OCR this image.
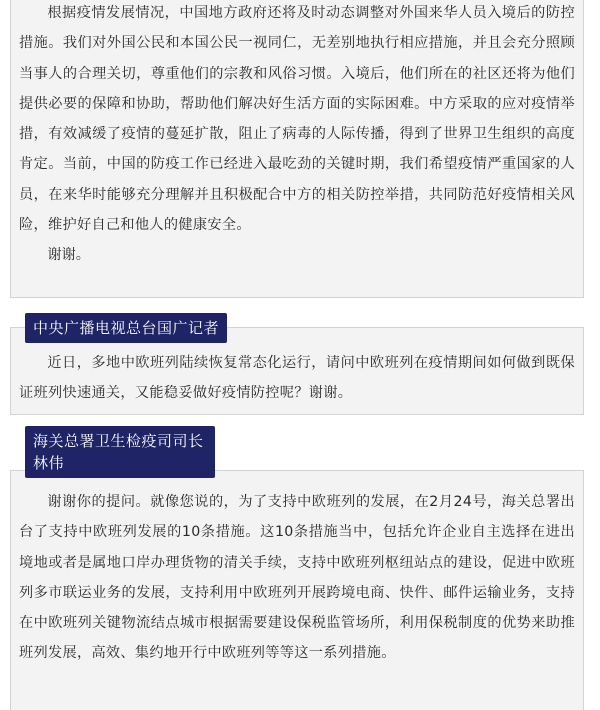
根据疫情发展情况，中国地方政府还将及时动态调整对外国来华人员入境后的防控措施。我们对外国公民和本国公民一视同仁，无差别地执行相应措施，并且会充分照顾当事人的合理关切，尊重他们的宗教和风俗习惯。入境后，他们所在的社区还将为他们提供必要的保障和协助，帮助他们解决好生活方面的实际困难。中方采取的应对疫情举措，有效减缓了疫情的蔓延扩散，阻止了病毒的人际传播，得到了世界卫生组织的高度肯定。当前，中国的防疫工作已经进入最吃劲的关键时期，我们希望疫情严重国家的人员，在来华时能够充分理解并且积极配合中方的相关防控举措，共同防范好疫情相关风险，维护好自己和他人的健康安全。

谢谢。

近日，多地中欧班列陆续恢复常态化运行，请问中欧班列在疫情期间如何做到既保证班列快速通关，又能稳妥做好疫情防控呢？谢谢。

中央广播电视总台国广记者

谢谢你的提问。就像您说的，为了支持中欧班列的发展，在2月24号，海关总署出台了支持中欧班列发展的10条措施。这10条措施当中，包括允许企业自主选择在进出境地或者是属地口岸办理货物的清关手续，支持中欧班列枢纽站点的建设，促进中欧班列多市联运业务的发展，支持利用中欧班列开展跨境电商、快件、邮件运输业务，支持在中欧班列关键物流结点城市根据需要建设保税监管场所，利用保税制度的优势来助推班列发展，高效、集约地开行中欧班列等等这一系列措施。

海关总署卫生检疫司司长
林伟
